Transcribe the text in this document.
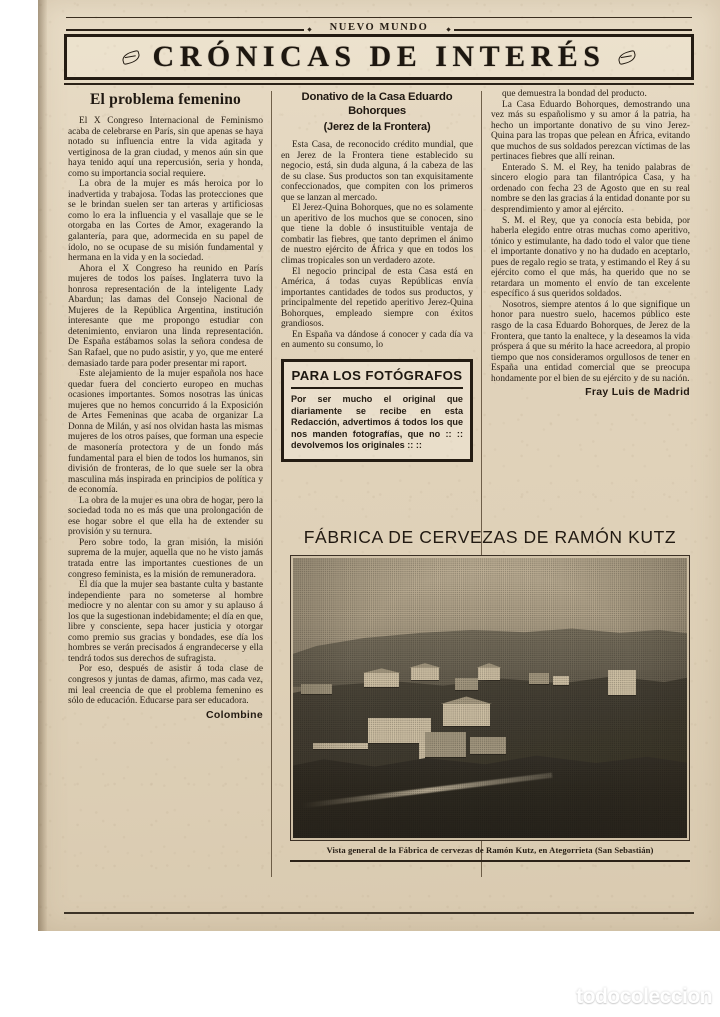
NUEVO MUNDO
CRÓNICAS DE INTERÉS
El problema femenino

El X Congreso Internacional de Feminismo acaba de celebrarse en París, sin que apenas se haya notado su influencia entre la vida agitada y vertiginosa de la gran ciudad, y menos aún sin que haya tenido aquí una repercusión, seria y honda, como su importancia social requiere.

La obra de la mujer es más heroica por lo inadvertida y trabajosa. Todas las protecciones que se le brindan suelen ser tan arteras y artificiosas como lo era la influencia y el vasallaje que se le otorgaba en las Cortes de Amor, exagerando la galantería, para que, adormecida en su papel de ídolo, no se ocupase de su misión fundamental y hermana en la vida y en la sociedad.

Ahora el X Congreso ha reunido en París mujeres de todos los países. Inglaterra tuvo la honrosa representación de la inteligente Lady Abardun; las damas del Consejo Nacional de Mujeres de la República Argentina, institución interesante que me propongo estudiar con detenimiento, enviaron una linda representación. De España estábamos solas la señora condesa de San Rafael, que no pudo asistir, y yo, que me enteré demasiado tarde para poder presentar mi raport.

Este alejamiento de la mujer española nos hace quedar fuera del concierto europeo en muchas ocasiones importantes. Somos nosotras las únicas mujeres que no hemos concurrido á la Exposición de Artes Femeninas que acaba de organizar La Donna de Milán, y así nos olvidan hasta las mismas mujeres de los otros países, que forman una especie de masonería protectora y de un fondo más fundamental para el bien de todos los humanos, sin división de fronteras, de lo que suele ser la obra masculina más inspirada en principios de política y de economía.

La obra de la mujer es una obra de hogar, pero la sociedad toda no es más que una prolongación de ese hogar sobre el que ella ha de extender su provisión y su ternura.

Pero sobre todo, la gran misión, la misión suprema de la mujer, aquella que no he visto jamás tratada entre las importantes cuestiones de un congreso feminista, es la misión de remuneradora.

El día que la mujer sea bastante culta y bastante independiente para no someterse al hombre mediocre y no alentar con su amor y su aplauso á los que la sugestionan indebidamente; el día en que, libre y consciente, sepa hacer justicia y otorgar como premio sus gracias y bondades, ese día los hombres se verán precisados á engrandecerse y ella tendrá todos sus derechos de sufragista.

Por eso, después de asistir á toda clase de congresos y juntas de damas, afirmo, mas cada vez, mi leal creencia de que el problema femenino es sólo de educación. Educarse para ser educadora.

Colombine
Donativo de la Casa Eduardo Bohorques
(Jerez de la Frontera)

Esta Casa, de reconocido crédito mundial, que en Jerez de la Frontera tiene establecido su negocio, está, sin duda alguna, á la cabeza de las de su clase. Sus productos son tan exquisitamente confeccionados, que compiten con los primeros que se lanzan al mercado.

El Jerez-Quina Bohorques, que no es solamente un aperitivo de los muchos que se conocen, sino que tiene la doble ó insustituible ventaja de combatir las fiebres, que tanto deprimen el ánimo de nuestro ejército de África y que en todos los climas tropicales son un verdadero azote.

El negocio principal de esta Casa está en América, á todas cuyas Repúblicas envía importantes cantidades de todos sus productos, y principalmente del repetido aperitivo Jerez-Quina Bohorques, empleado siempre con éxitos grandiosos.

En España va dándose á conocer y cada día va en aumento su consumo, lo

PARA LOS FOTÓGRAFOS
Por ser mucho el original que diariamente se recibe en esta Redacción, advertimos á todos los que nos manden fotografías, que no :: :: devolvemos los originales :: ::

que demuestra la bondad del producto.

La Casa Eduardo Bohorques, demostrando una vez más su españolismo y su amor á la patria, ha hecho un importante donativo de su vino Jerez-Quina para las tropas que pelean en África, evitando que muchos de sus soldados perezcan víctimas de las pertinaces fiebres que allí reinan.

Enterado S. M. el Rey, ha tenido palabras de sincero elogio para tan filantrópica Casa, y ha ordenado con fecha 23 de Agosto que en su real nombre se den las gracias á la entidad donante por su desprendimiento y amor al ejército.

S. M. el Rey, que ya conocía esta bebida, por haberla elegido entre otras muchas como aperitivo, tónico y estimulante, ha dado todo el valor que tiene el importante donativo y no ha dudado en aceptarlo, pues de regalo regio se trata, y estimando el Rey á su ejército como el que más, ha querido que no se retardara un momento el envío de tan excelente específico á sus queridos soldados.

Nosotros, siempre atentos á lo que signifique un honor para nuestro suelo, hacemos público este rasgo de la casa Eduardo Bohorques, de Jerez de la Frontera, que tanto la enaltece, y la deseamos la vida próspera á que su mérito la hace acreedora, al propio tiempo que nos consideramos orgullosos de tener en España una entidad comercial que se preocupa hondamente por el bien de su ejército y de su nación.

Fray Luis de Madrid
FÁBRICA DE CERVEZAS DE RAMÓN KUTZ
Vista general de la Fábrica de cervezas de Ramón Kutz, en Ategorrieta (San Sebastián)
todocoleccion
